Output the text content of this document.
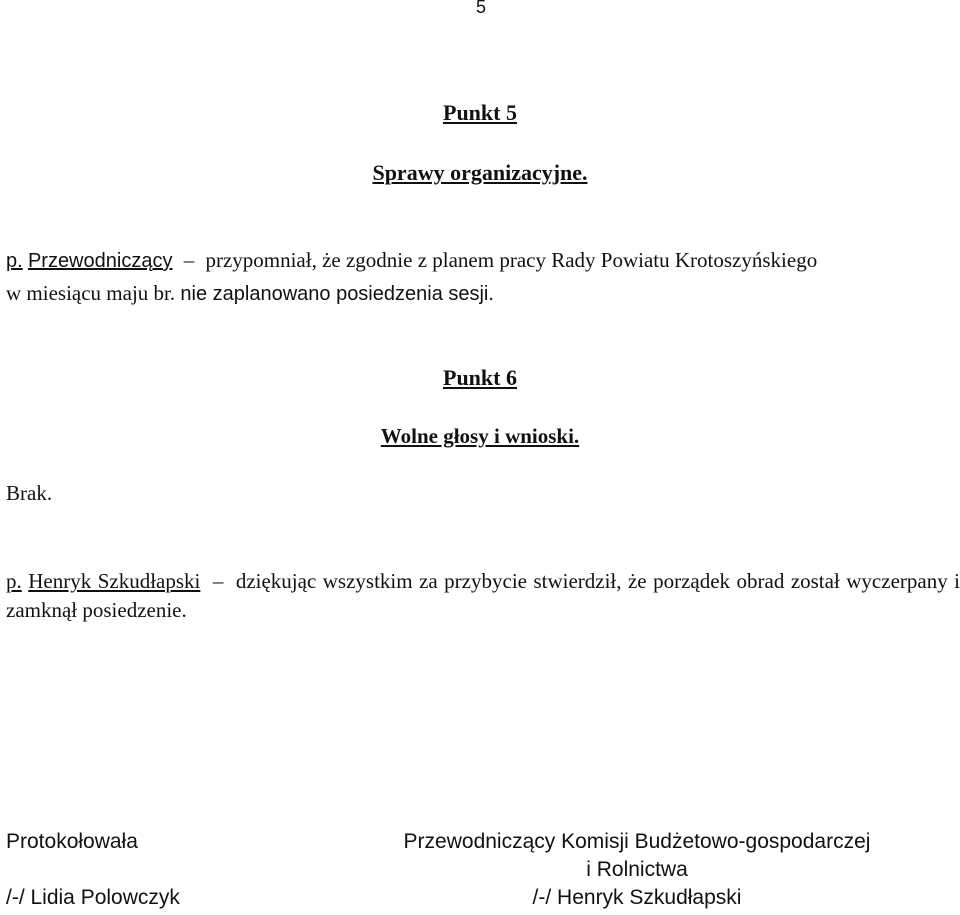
5
Punkt 5
Sprawy organizacyjne.
p. Przewodniczący – przypomniał, że zgodnie z planem pracy Rady Powiatu Krotoszyńskiego
w miesiącu maju br. nie zaplanowano posiedzenia sesji.
Punkt 6
Wolne głosy i wnioski.
Brak.
p. Henryk Szkudłapski – dziękując wszystkim za przybycie stwierdził, że porządek obrad został wyczerpany i zamknął posiedzenie.
Protokołowała
/-/ Lidia Polowczyk
Przewodniczący Komisji Budżetowo-gospodarczej
i Rolnictwa
/-/ Henryk Szkudłapski
